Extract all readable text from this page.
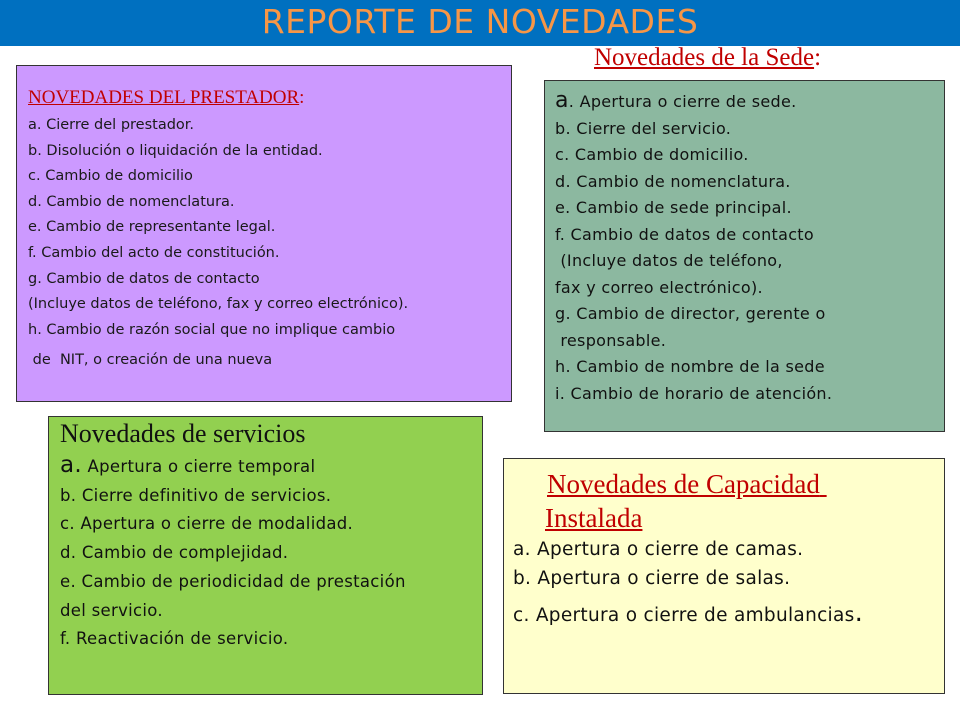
REPORTE DE NOVEDADES

NOVEDADES DEL PRESTADOR:

a. Cierre del prestador.

b. Disolución o liquidación de la entidad.

c. Cambio de domicilio

d. Cambio de nomenclatura.

e. Cambio de representante legal.

f. Cambio del acto de constitución.

g. Cambio de datos de contacto

(Incluye datos de teléfono, fax y correo electrónico).

h. Cambio de razón social que no implique cambio

de  NIT, o creación de una nueva

Novedades de la Sede:

a. Apertura o cierre de sede.

b. Cierre del servicio.

c. Cambio de domicilio.

d. Cambio de nomenclatura.

e. Cambio de sede principal.

f. Cambio de datos de contacto

(Incluye datos de teléfono,

fax y correo electrónico).

g. Cambio de director, gerente o

responsable.

h. Cambio de nombre de la sede

i. Cambio de horario de atención.

Novedades de servicios

a. Apertura o cierre temporal

b. Cierre definitivo de servicios.

c. Apertura o cierre de modalidad.

d. Cambio de complejidad.

e. Cambio de periodicidad de prestación

del servicio.

f. Reactivación de servicio.

Novedades de Capacidad

Instalada

a. Apertura o cierre de camas.

b. Apertura o cierre de salas.

c. Apertura o cierre de ambulancias.
